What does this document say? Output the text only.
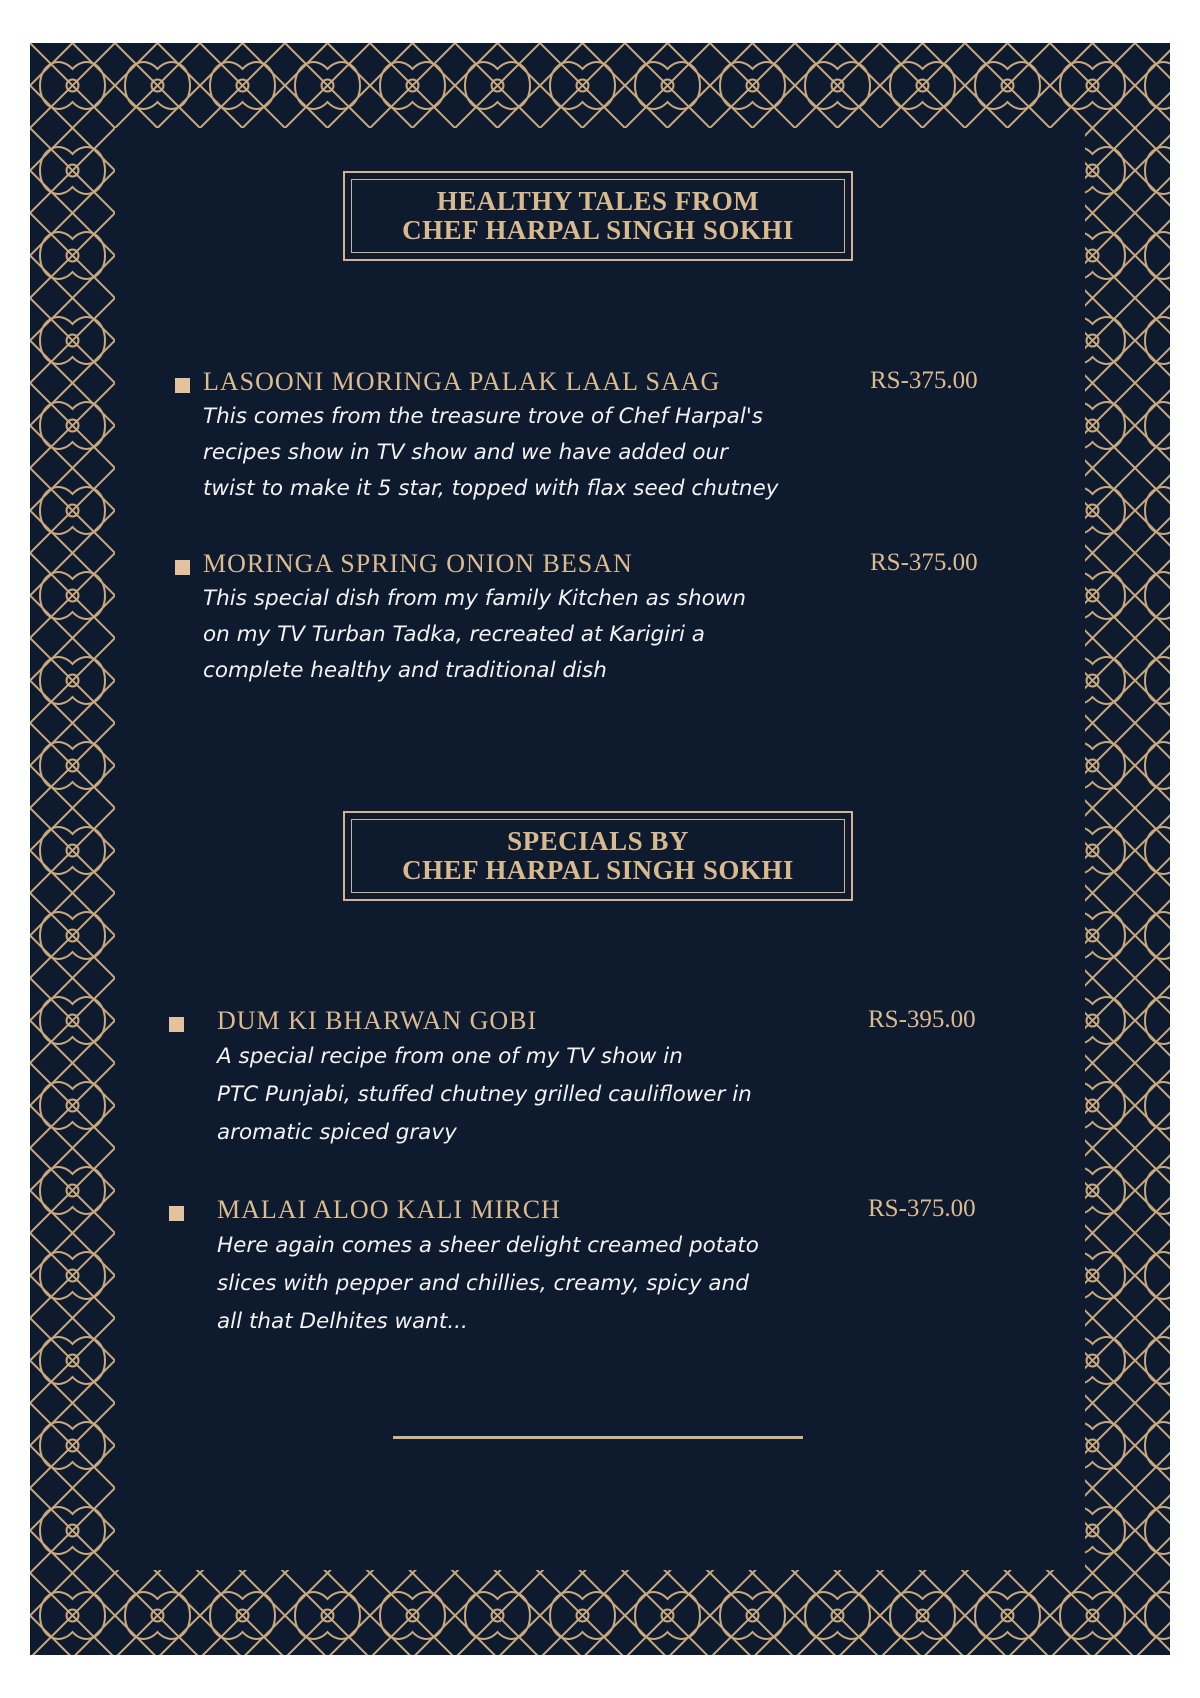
HEALTHY TALES FROM
CHEF HARPAL SINGH SOKHI
LASOONI MORINGA PALAK LAAL SAAG	RS-375.00
This comes from the treasure trove of Chef Harpal's
recipes show in TV show and we have added our
twist to make it 5 star, topped with flax seed chutney
MORINGA SPRING ONION BESAN	RS-375.00
This special dish from my family Kitchen as shown
on my TV Turban Tadka, recreated at Karigiri a
complete healthy and traditional dish
SPECIALS BY
CHEF HARPAL SINGH SOKHI
DUM KI BHARWAN GOBI	RS-395.00
A special recipe from one of my TV show in
PTC Punjabi, stuffed chutney grilled cauliflower in
aromatic spiced gravy
MALAI ALOO KALI MIRCH	RS-375.00
Here again comes a sheer delight creamed potato
slices with pepper and chillies, creamy, spicy and
all that Delhites want...
